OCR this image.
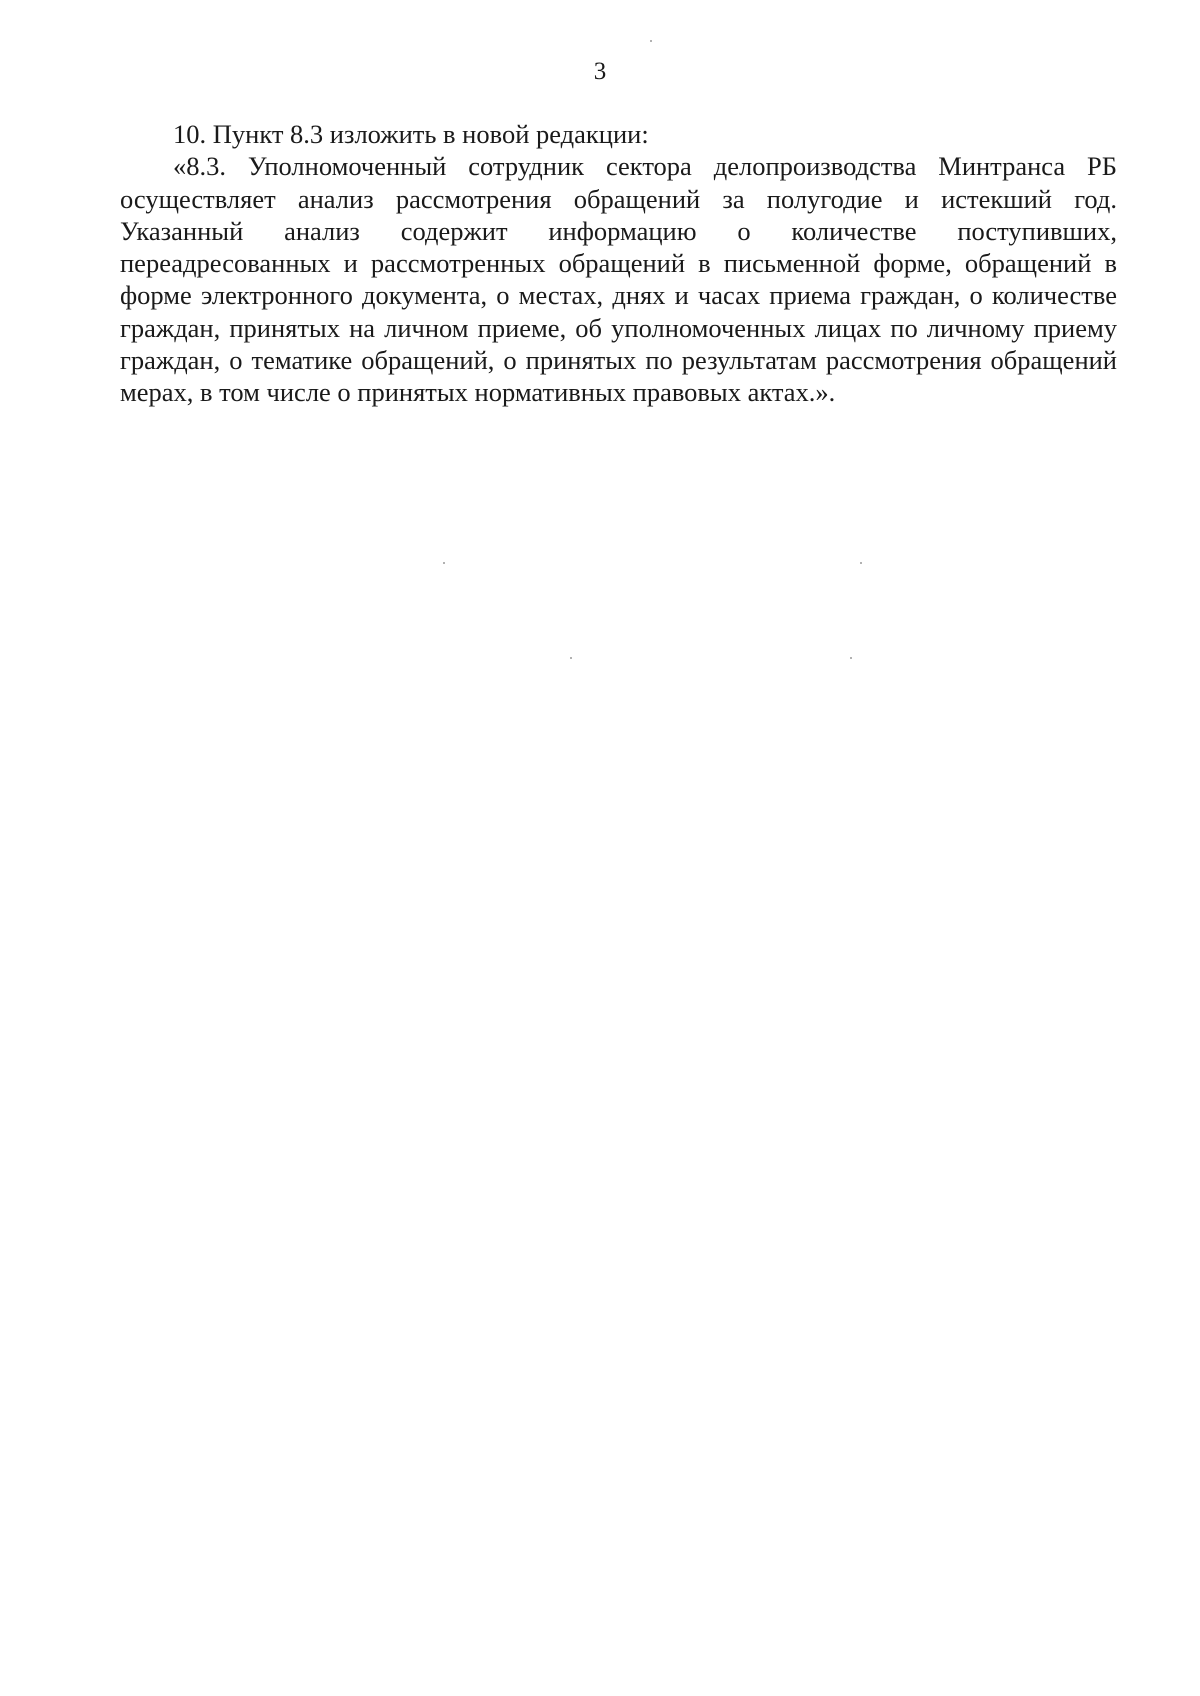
3

10. Пункт 8.3 изложить в новой редакции:

«8.3. Уполномоченный сотрудник сектора делопроизводства Минтранса РБ осуществляет анализ рассмотрения обращений за полугодие и истекший год. Указанный анализ содержит информацию о количестве поступивших, переадресованных и рассмотренных обращений в письменной форме, обращений в форме электронного документа, о местах, днях и часах приема граждан, о количестве граждан, принятых на личном приеме, об уполномоченных лицах по личному приему граждан, о тематике обращений, о принятых по результатам рассмотрения обращений мерах, в том числе о принятых нормативных правовых актах.».
